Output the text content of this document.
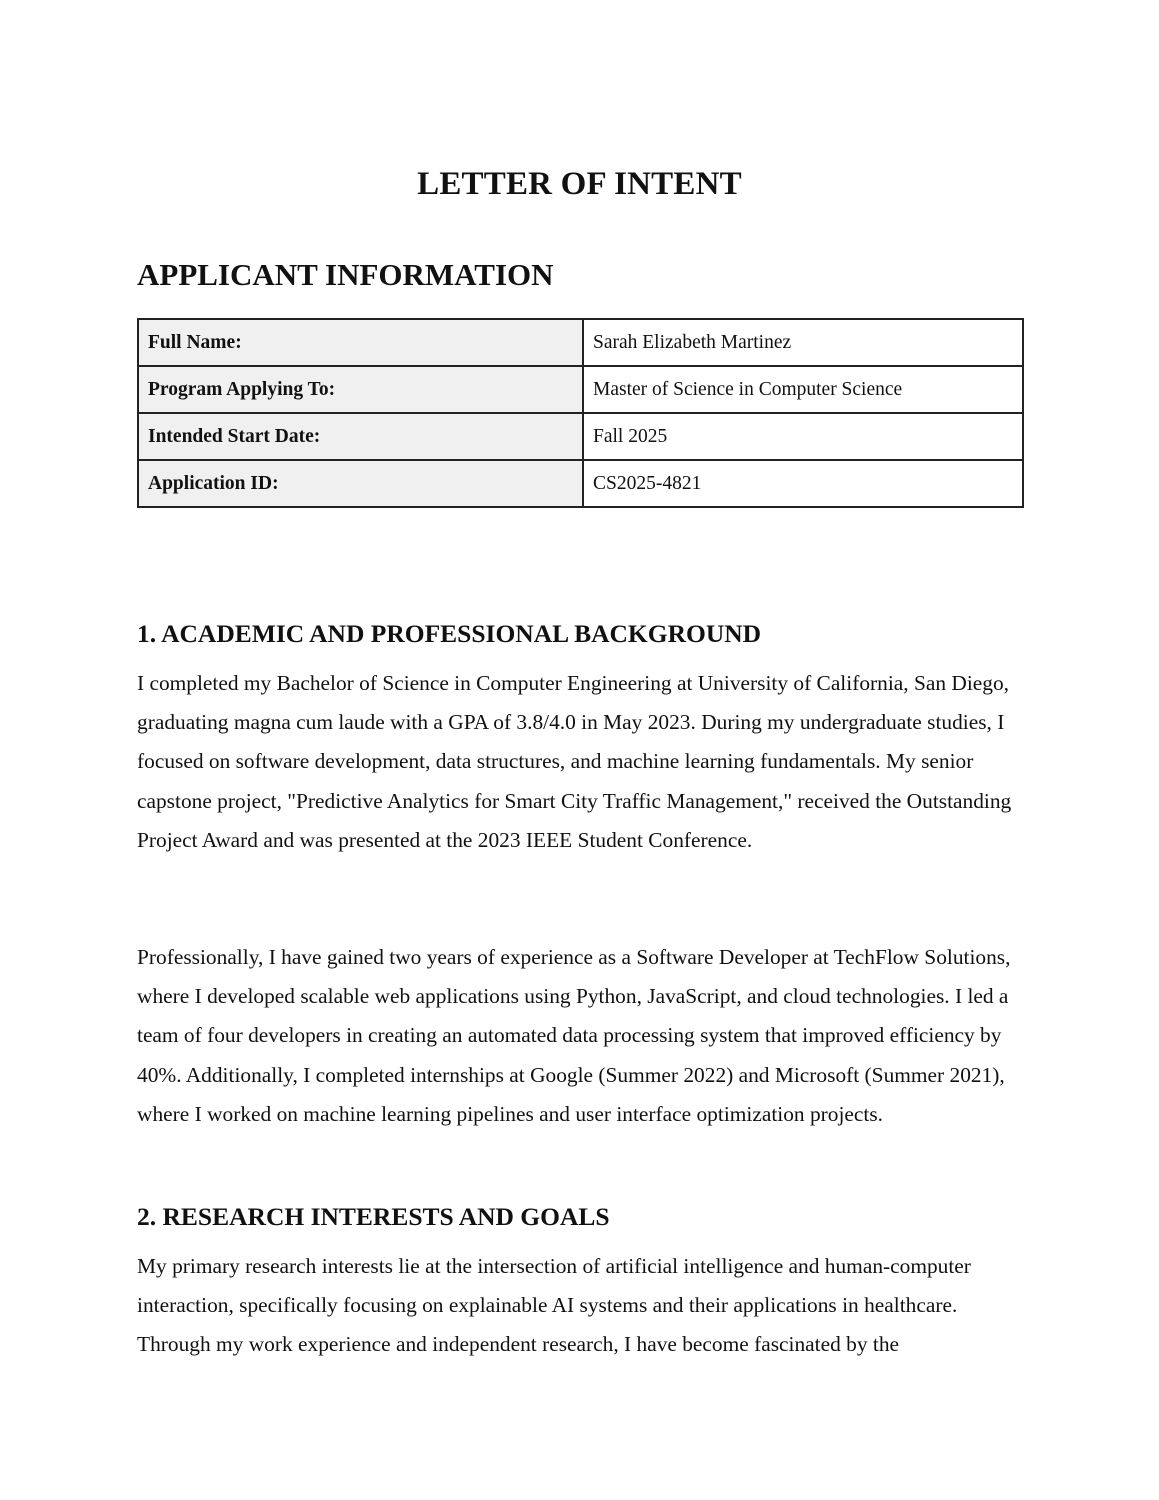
LETTER OF INTENT
APPLICANT INFORMATION
Full Name:	Sarah Elizabeth Martinez
Program Applying To:	Master of Science in Computer Science
Intended Start Date:	Fall 2025
Application ID:	CS2025-4821
1. ACADEMIC AND PROFESSIONAL BACKGROUND

I completed my Bachelor of Science in Computer Engineering at University of California, San Diego, graduating magna cum laude with a GPA of 3.8/4.0 in May 2023. During my undergraduate studies, I focused on software development, data structures, and machine learning fundamentals. My senior capstone project, "Predictive Analytics for Smart City Traffic Management," received the Outstanding Project Award and was presented at the 2023 IEEE Student Conference.

Professionally, I have gained two years of experience as a Software Developer at TechFlow Solutions, where I developed scalable web applications using Python, JavaScript, and cloud technologies. I led a team of four developers in creating an automated data processing system that improved efficiency by 40%. Additionally, I completed internships at Google (Summer 2022) and Microsoft (Summer 2021), where I worked on machine learning pipelines and user interface optimization projects.

2. RESEARCH INTERESTS AND GOALS

My primary research interests lie at the intersection of artificial intelligence and human-computer interaction, specifically focusing on explainable AI systems and their applications in healthcare. Through my work experience and independent research, I have become fascinated by the
